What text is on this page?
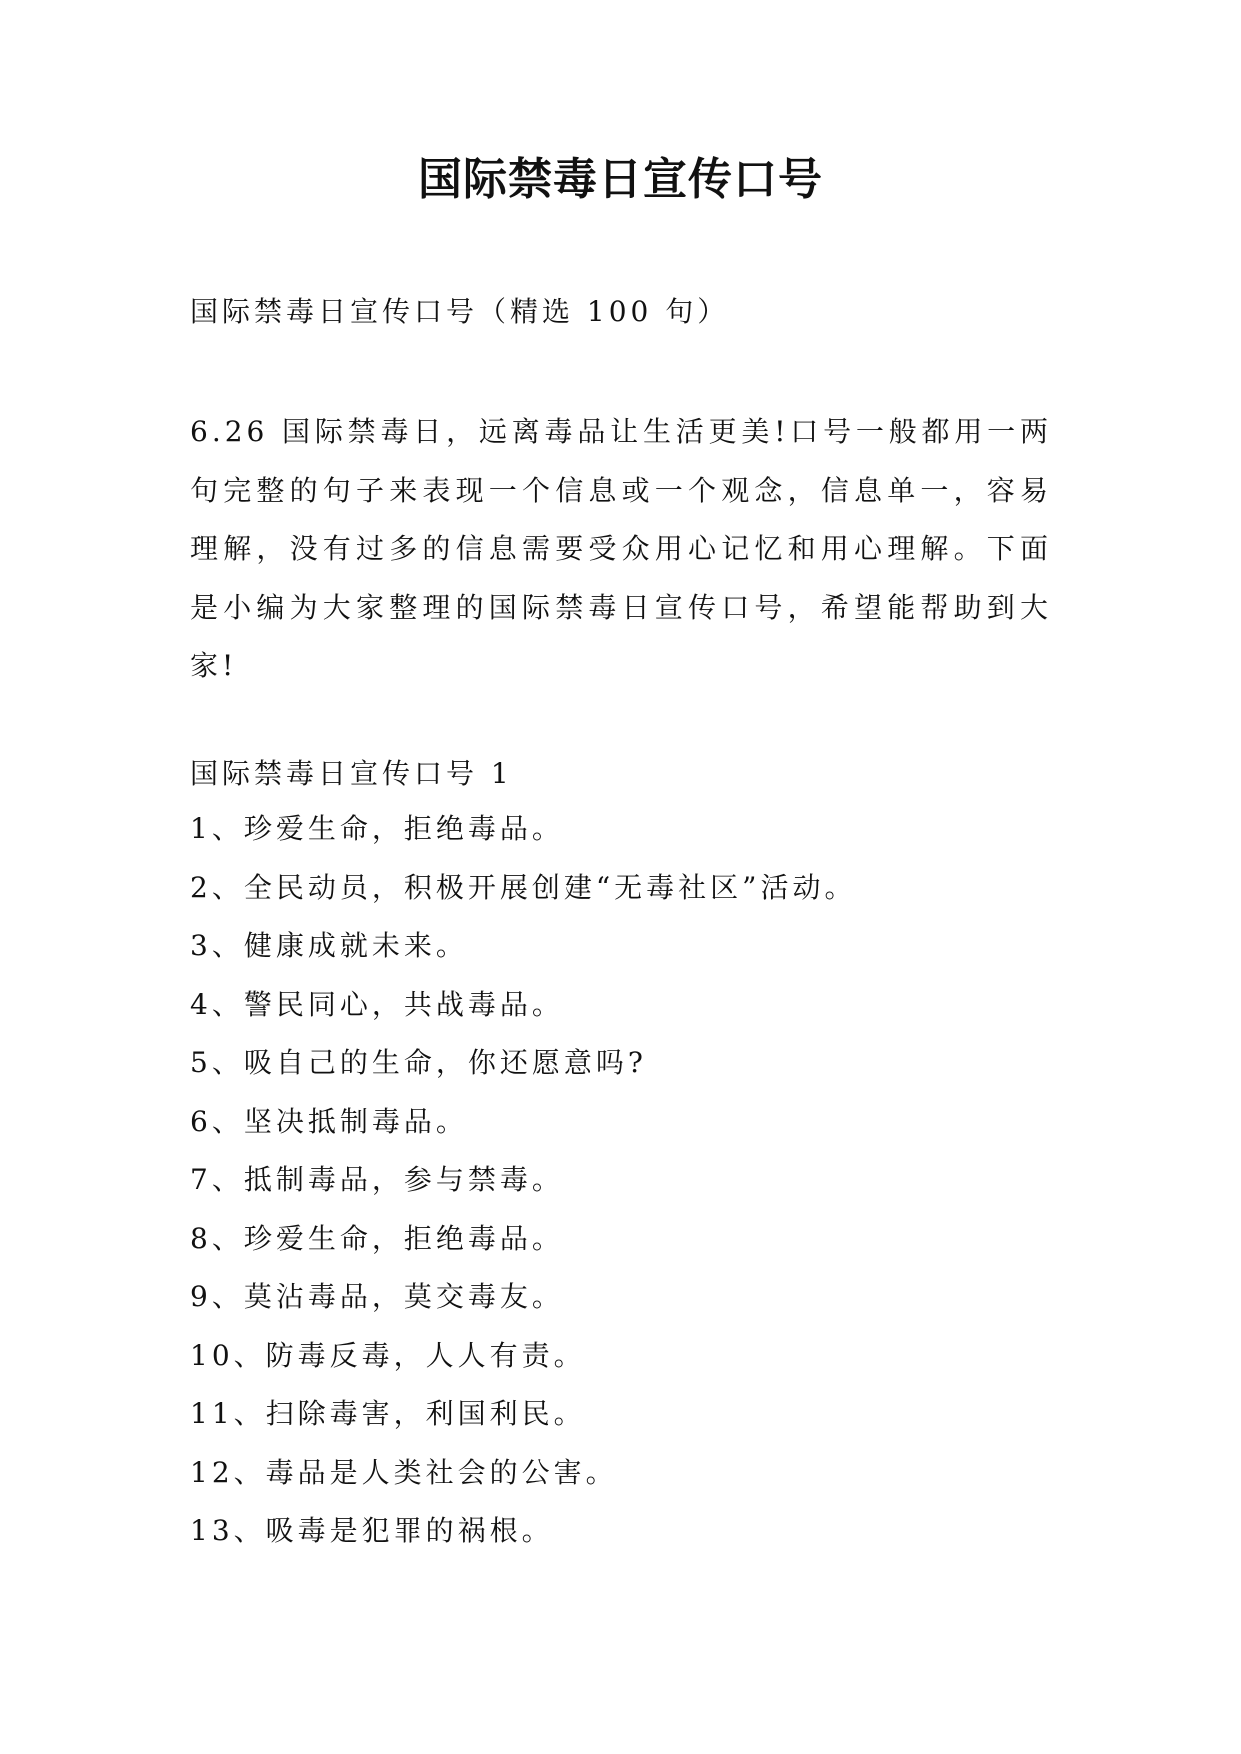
国际禁毒日宣传口号

国际禁毒日宣传口号（精选 100 句）

6.26 国际禁毒日，远离毒品让生活更美!口号一般都用一两句完整的句子来表现一个信息或一个观念，信息单一，容易理解，没有过多的信息需要受众用心记忆和用心理解。下面是小编为大家整理的国际禁毒日宣传口号，希望能帮助到大家!

国际禁毒日宣传口号 1

1、珍爱生命，拒绝毒品。
2、全民动员，积极开展创建“无毒社区”活动。
3、健康成就未来。
4、警民同心，共战毒品。
5、吸自己的生命，你还愿意吗?
6、坚决抵制毒品。
7、抵制毒品，参与禁毒。
8、珍爱生命，拒绝毒品。
9、莫沾毒品，莫交毒友。
10、防毒反毒，人人有责。
11、扫除毒害，利国利民。
12、毒品是人类社会的公害。
13、吸毒是犯罪的祸根。
